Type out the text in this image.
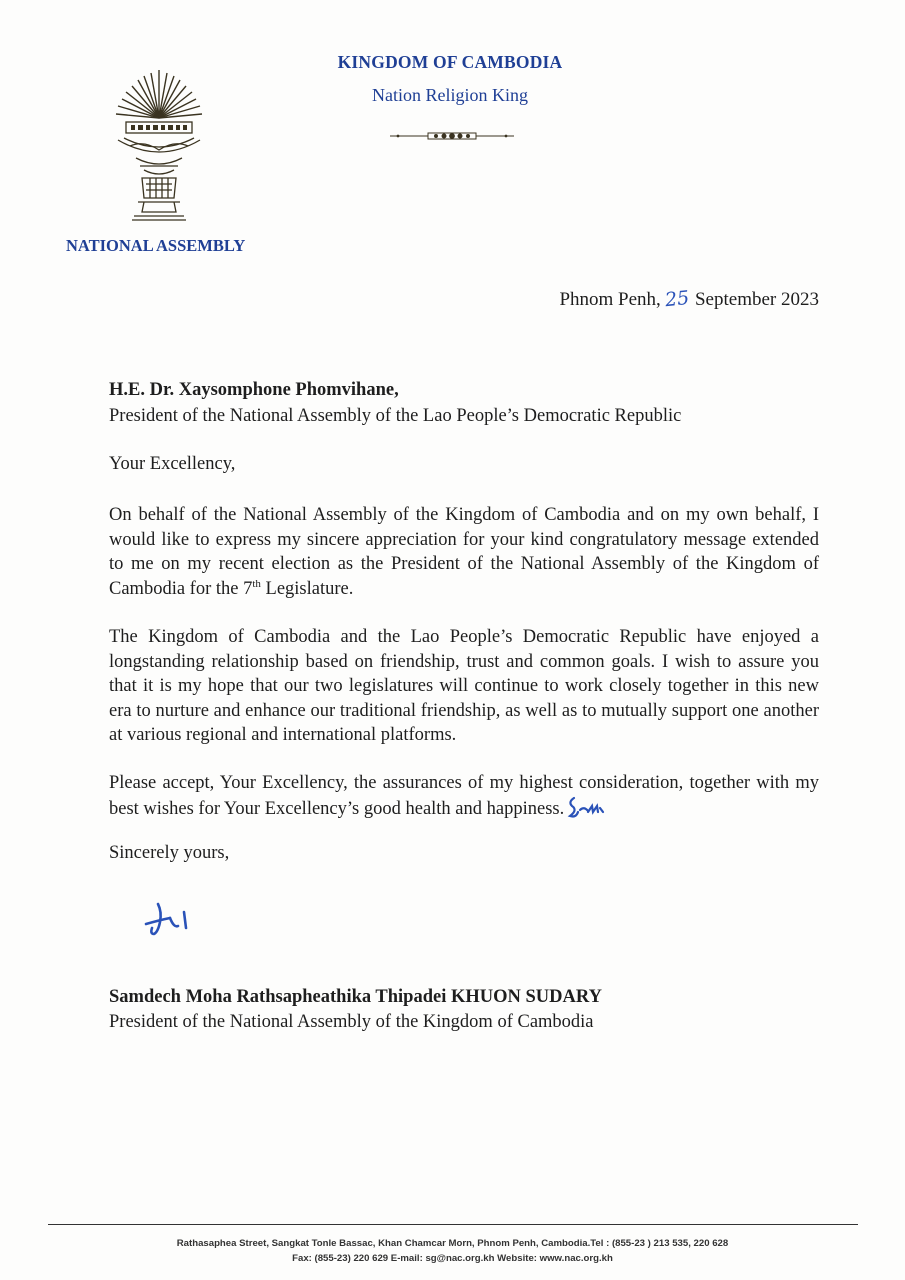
KINGDOM OF CAMBODIA
Nation Religion King
NATIONAL ASSEMBLY
Phnom Penh, 25 September 2023
H.E. Dr. Xaysomphone Phomvihane,
President of the National Assembly of the Lao People’s Democratic Republic
Your Excellency,

On behalf of the National Assembly of the Kingdom of Cambodia and on my own behalf, I would like to express my sincere appreciation for your kind congratulatory message extended to me on my recent election as the President of the National Assembly of the Kingdom of Cambodia for the 7th Legislature.

The Kingdom of Cambodia and the Lao People’s Democratic Republic have enjoyed a longstanding relationship based on friendship, trust and common goals. I wish to assure you that it is my hope that our two legislatures will continue to work closely together in this new era to nurture and enhance our traditional friendship, as well as to mutually support one another at various regional and international platforms.

Please accept, Your Excellency, the assurances of my highest consideration, together with my best wishes for Your Excellency’s good health and happiness.

Sincerely yours,
Samdech Moha Rathsapheathika Thipadei KHUON SUDARY
President of the National Assembly of the Kingdom of Cambodia
Rathasaphea Street, Sangkat Tonle Bassac, Khan Chamcar Morn, Phnom Penh, Cambodia.Tel : (855-23 ) 213 535, 220 628
Fax: (855-23) 220 629 E-mail: sg@nac.org.kh Website: www.nac.org.kh
